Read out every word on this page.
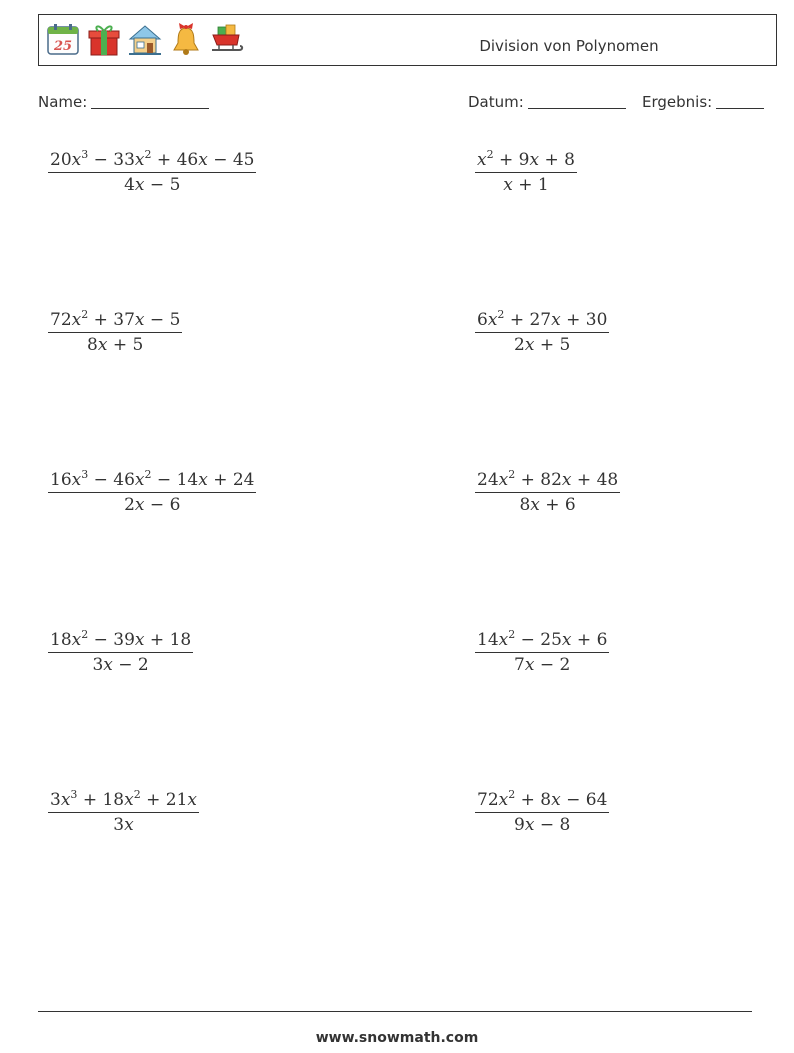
25	Division von Polynomen
Name:	Datum:	Ergebnis:
$\frac{20x^3 - 33x^2 + 46x - 45}{4x - 5}$	$\frac{x^2 + 9x + 8}{x + 1}$
$\frac{72x^2 + 37x - 5}{8x + 5}$	$\frac{6x^2 + 27x + 30}{2x + 5}$
$\frac{16x^3 - 46x^2 - 14x + 24}{2x - 6}$	$\frac{24x^2 + 82x + 48}{8x + 6}$
$\frac{18x^2 - 39x + 18}{3x - 2}$	$\frac{14x^2 - 25x + 6}{7x - 2}$
$\frac{3x^3 + 18x^2 + 21x}{3x}$	$\frac{72x^2 + 8x - 64}{9x - 8}$
www.snowmath.com
